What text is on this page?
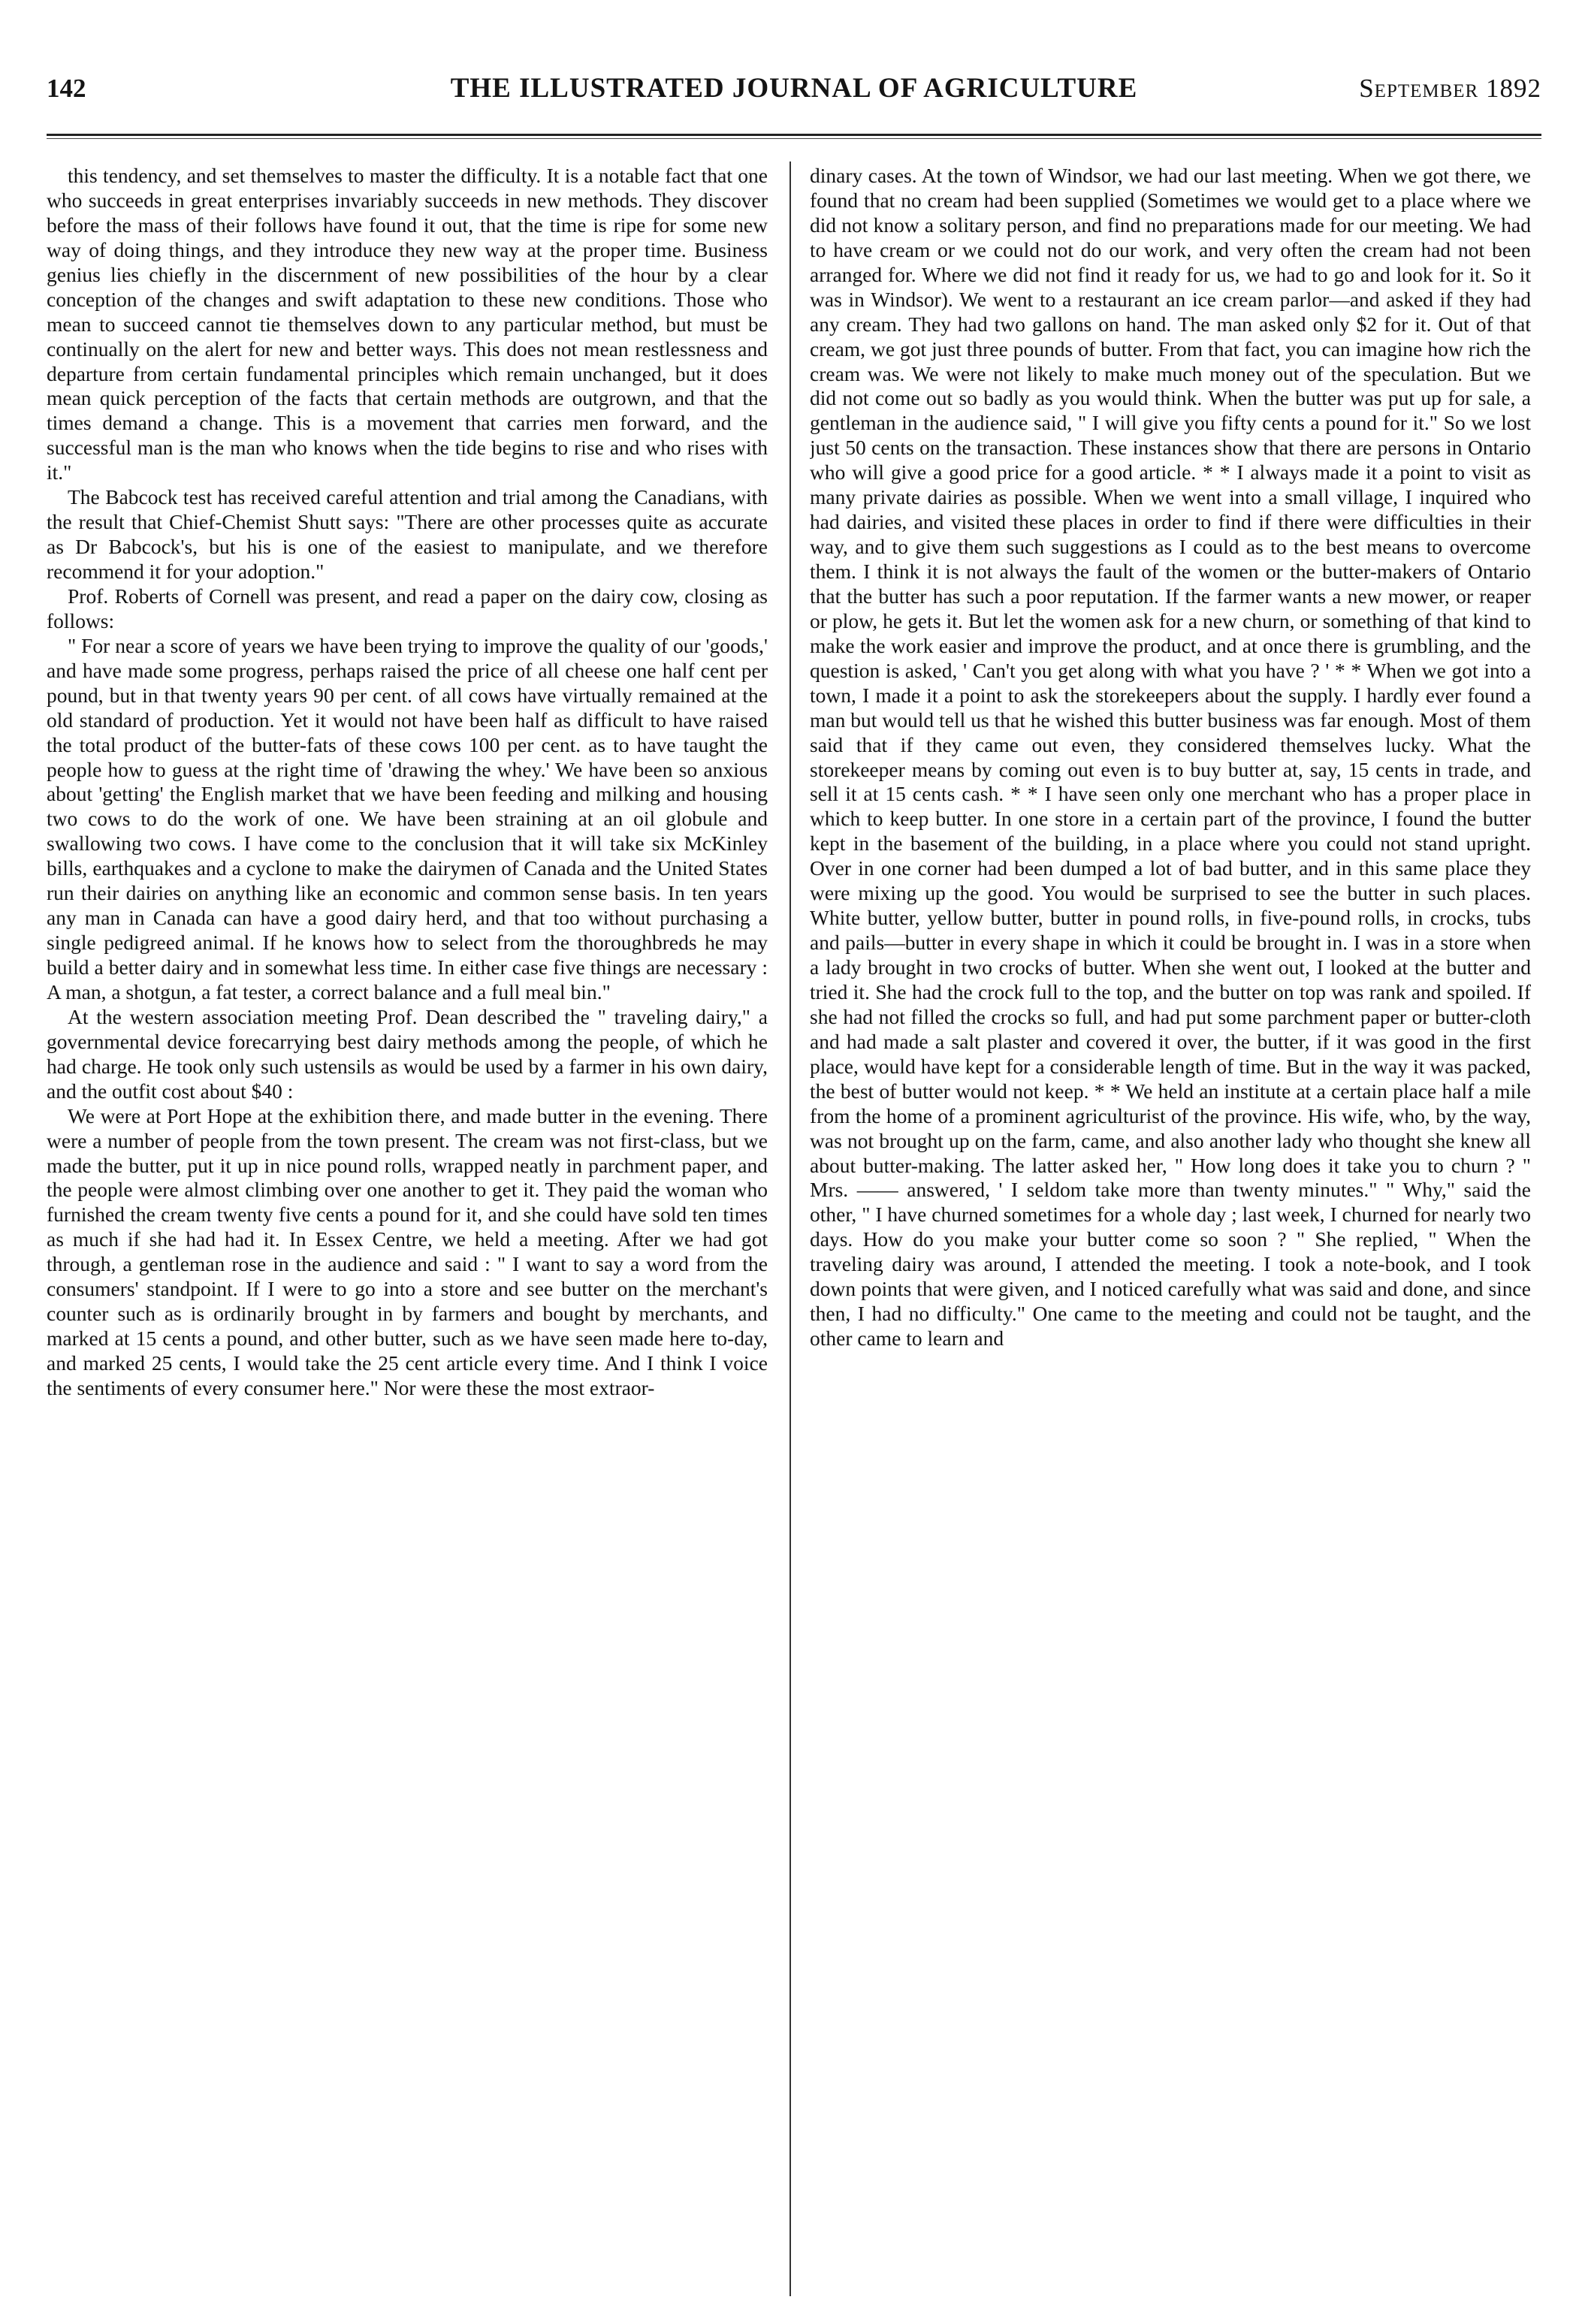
142	THE ILLUSTRATED JOURNAL OF AGRICULTURE	September 1892

this tendency, and set themselves to master the difficulty. It is a notable fact that one who succeeds in great enterprises invariably succeeds in new methods. They discover before the mass of their follows have found it out, that the time is ripe for some new way of doing things, and they introduce they new way at the proper time. Business genius lies chiefly in the discernment of new possibilities of the hour by a clear conception of the changes and swift adaptation to these new conditions. Those who mean to succeed cannot tie themselves down to any particular method, but must be continually on the alert for new and better ways. This does not mean restlessness and departure from certain fundamental principles which remain unchanged, but it does mean quick perception of the facts that certain methods are outgrown, and that the times demand a change. This is a movement that carries men forward, and the successful man is the man who knows when the tide begins to rise and who rises with it."

The Babcock test has received careful attention and trial among the Canadians, with the result that Chief-Chemist Shutt says: "There are other processes quite as accurate as Dr Babcock's, but his is one of the easiest to manipulate, and we therefore recommend it for your adoption."

Prof. Roberts of Cornell was present, and read a paper on the dairy cow, closing as follows:

" For near a score of years we have been trying to improve the quality of our 'goods,' and have made some progress, perhaps raised the price of all cheese one half cent per pound, but in that twenty years 90 per cent. of all cows have virtually remained at the old standard of production. Yet it would not have been half as difficult to have raised the total product of the butter-fats of these cows 100 per cent. as to have taught the people how to guess at the right time of 'drawing the whey.' We have been so anxious about 'getting' the English market that we have been feeding and milking and housing two cows to do the work of one. We have been straining at an oil globule and swallowing two cows. I have come to the conclusion that it will take six McKinley bills, earthquakes and a cyclone to make the dairymen of Canada and the United States run their dairies on anything like an economic and common sense basis. In ten years any man in Canada can have a good dairy herd, and that too without purchasing a single pedigreed animal. If he knows how to select from the thoroughbreds he may build a better dairy and in somewhat less time. In either case five things are necessary : A man, a shotgun, a fat tester, a correct balance and a full meal bin."

At the western association meeting Prof. Dean described the " traveling dairy," a governmental device forecarrying best dairy methods among the people, of which he had charge. He took only such ustensils as would be used by a farmer in his own dairy, and the outfit cost about $40 :

We were at Port Hope at the exhibition there, and made butter in the evening. There were a number of people from the town present. The cream was not first-class, but we made the butter, put it up in nice pound rolls, wrapped neatly in parchment paper, and the people were almost climbing over one another to get it. They paid the woman who furnished the cream twenty five cents a pound for it, and she could have sold ten times as much if she had had it. In Essex Centre, we held a meeting. After we had got through, a gentleman rose in the audience and said : " I want to say a word from the consumers' standpoint. If I were to go into a store and see butter on the merchant's counter such as is ordinarily brought in by farmers and bought by merchants, and marked at 15 cents a pound, and other butter, such as we have seen made here to-day, and marked 25 cents, I would take the 25 cent article every time. And I think I voice the sentiments of every consumer here." Nor were these the most extraor-

dinary cases. At the town of Windsor, we had our last meeting. When we got there, we found that no cream had been supplied (Sometimes we would get to a place where we did not know a solitary person, and find no preparations made for our meeting. We had to have cream or we could not do our work, and very often the cream had not been arranged for. Where we did not find it ready for us, we had to go and look for it. So it was in Windsor). We went to a restaurant an ice cream parlor—and asked if they had any cream. They had two gallons on hand. The man asked only $2 for it. Out of that cream, we got just three pounds of butter. From that fact, you can imagine how rich the cream was. We were not likely to make much money out of the speculation. But we did not come out so badly as you would think. When the butter was put up for sale, a gentleman in the audience said, " I will give you fifty cents a pound for it." So we lost just 50 cents on the transaction. These instances show that there are persons in Ontario who will give a good price for a good article. * * I always made it a point to visit as many private dairies as possible. When we went into a small village, I inquired who had dairies, and visited these places in order to find if there were difficulties in their way, and to give them such suggestions as I could as to the best means to overcome them. I think it is not always the fault of the women or the butter-makers of Ontario that the butter has such a poor reputation. If the farmer wants a new mower, or reaper or plow, he gets it. But let the women ask for a new churn, or something of that kind to make the work easier and improve the product, and at once there is grumbling, and the question is asked, ' Can't you get along with what you have ? ' * * When we got into a town, I made it a point to ask the storekeepers about the supply. I hardly ever found a man but would tell us that he wished this butter business was far enough. Most of them said that if they came out even, they considered themselves lucky. What the storekeeper means by coming out even is to buy butter at, say, 15 cents in trade, and sell it at 15 cents cash. * * I have seen only one merchant who has a proper place in which to keep butter. In one store in a certain part of the province, I found the butter kept in the basement of the building, in a place where you could not stand upright. Over in one corner had been dumped a lot of bad butter, and in this same place they were mixing up the good. You would be surprised to see the butter in such places. White butter, yellow butter, butter in pound rolls, in five-pound rolls, in crocks, tubs and pails—butter in every shape in which it could be brought in. I was in a store when a lady brought in two crocks of butter. When she went out, I looked at the butter and tried it. She had the crock full to the top, and the butter on top was rank and spoiled. If she had not filled the crocks so full, and had put some parchment paper or butter-cloth and had made a salt plaster and covered it over, the butter, if it was good in the first place, would have kept for a considerable length of time. But in the way it was packed, the best of butter would not keep. * * We held an institute at a certain place half a mile from the home of a prominent agriculturist of the province. His wife, who, by the way, was not brought up on the farm, came, and also another lady who thought she knew all about butter-making. The latter asked her, " How long does it take you to churn ? " Mrs. —— answered, ' I seldom take more than twenty minutes." " Why," said the other, " I have churned sometimes for a whole day ; last week, I churned for nearly two days. How do you make your butter come so soon ? " She replied, " When the traveling dairy was around, I attended the meeting. I took a note-book, and I took down points that were given, and I noticed carefully what was said and done, and since then, I had no difficulty." One came to the meeting and could not be taught, and the other came to learn and
